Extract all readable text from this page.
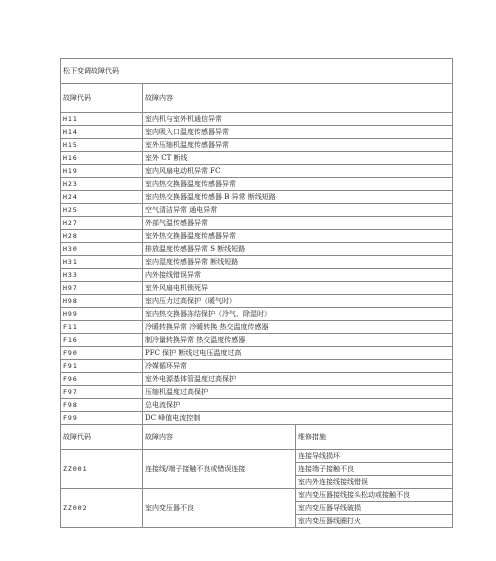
松下变调故障代码		
故障代码	故障内容	
H11	室内机与室外机通信异常	
H14	室内吸入口温度传感器异常	
H15	室外压缩机温度传感器异常	
H16	室外 CT 断线	
H19	室内风扇电动机异常 FC	
H23	室内热交换器温度传感器异常	
H24	室内热交换器温度传感器 B 异常 断线短路	
H25	空气清洁异常 通电异常	
H27	外部气温传感器异常	
H28	室外热交换器温度传感器异常	
H30	排放温度传感器异常 S 断线短路	
H31	室内湿度传感器异常 断线短路	
H33	内外接线错误异常	
H97	室外风扇电机锁死异	
H98	室内压力过高保护（暖气时）	
H99	室内热交换器冻结保护（冷气、除湿时）	
F11	冷暖转换异常 冷暖转换 热交温度传感器	
F16	制冷量转换异常 热交温度传感器	
F90	PFC 保护 断线过电压温度过高	
F91	冷媒循环异常	
F96	室外电源基体管温度过高保护	
F97	压缩机温度过高保护	
F98	总电流保护	
F99	DC 峰值电流控制	
故障代码	故障内容	维修措施
ZZ001	连接线/端子接触不良或错误连接	连接导线损坏
		连接端子接触不良
		室内外连接线接线错误
ZZ002	室内变压器不良	室内变压器接线接头松动或接触不良
		室内变压器导线破损
		室内变压器线圈打火
